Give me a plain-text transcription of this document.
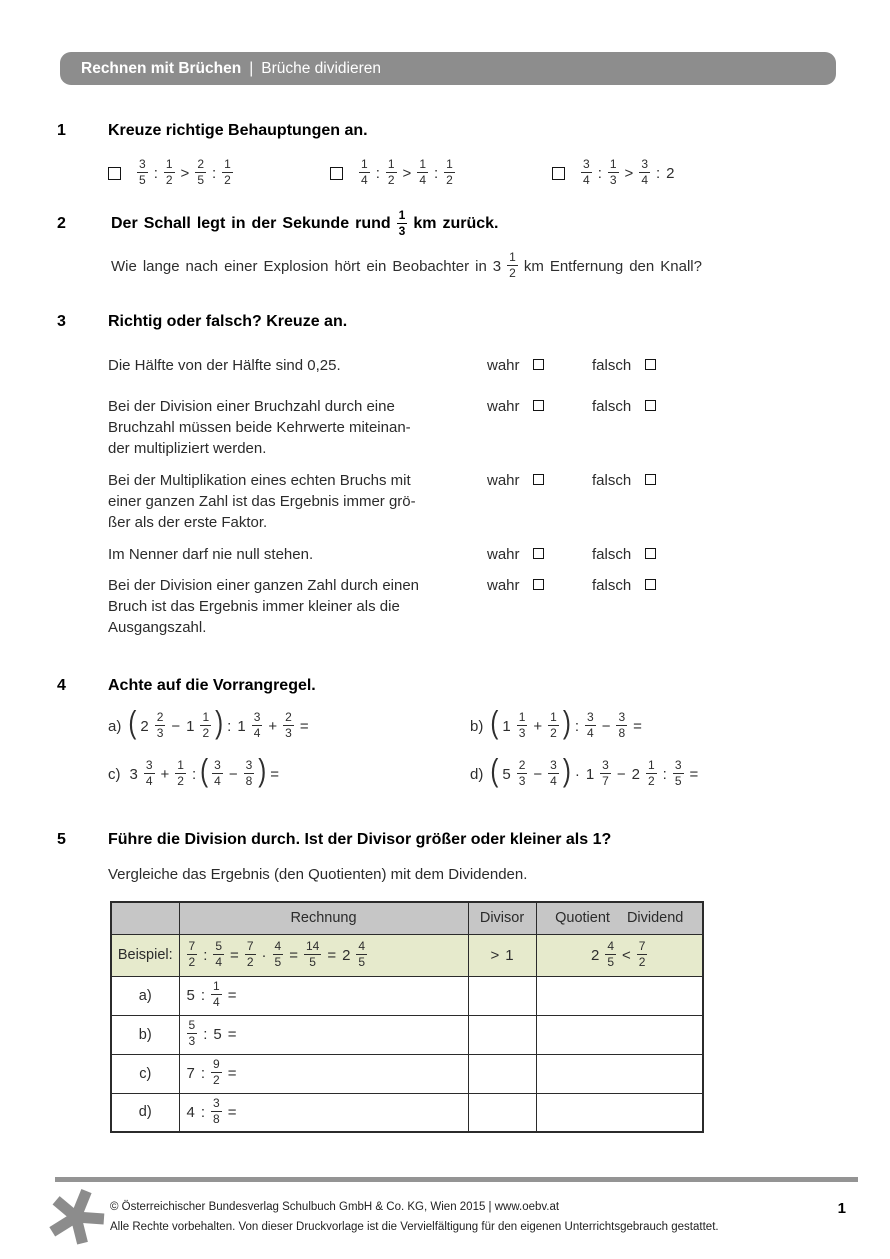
Rechnen mit Brüchen | Brüche dividieren
1	Kreuze richtige Behauptungen an.
$\frac{3}{5}$ : $\frac{1}{2} > \frac{2}{5}$ : $\frac{1}{2}$	$\frac{1}{4}$ : $\frac{1}{2} > \frac{1}{4}$ : $\frac{1}{2}$	$\frac{3}{4}$ : $\frac{1}{3} > \frac{3}{4}$ : 2
2	Der Schall legt in der Sekunde rund $\frac{1}{3}$ km zurück.
Wie lange nach einer Explosion hört ein Beobachter in $3 \frac{1}{2}$ km Entfernung den Knall?
3	Richtig oder falsch? Kreuze an.
Die Hälfte von der Hälfte sind 0,25.	wahr	falsch
Bei der Division einer Bruchzahl durch eine
Bruchzahl müssen beide Kehrwerte miteinan-
der multipliziert werden.
wahr	falsch
Bei der Multiplikation eines echten Bruchs mit
einer ganzen Zahl ist das Ergebnis immer grö-
ßer als der erste Faktor.
wahr	falsch
Im Nenner darf nie null stehen.	wahr	falsch
Bei der Division einer ganzen Zahl durch einen
Bruch ist das Ergebnis immer kleiner als die
Ausgangszahl.
wahr	falsch
4	Achte auf die Vorrangregel.
a) ( $2 \frac{2}{3} - 1 \frac{1}{2}$ ) : $1 \frac{3}{4} + \frac{2}{3}$ =	b) ( $1 \frac{1}{3} + \frac{1}{2}$ ) : $\frac{3}{4} - \frac{3}{8}$ =
c) $3 \frac{3}{4} + \frac{1}{2}$ : ( $\frac{3}{4} - \frac{3}{8}$ ) =	d) ( $5 \frac{2}{3} - \frac{3}{4}$ ) · $1 \frac{3}{7} - 2 \frac{1}{2}$ : $\frac{3}{5}$ =
5	Führe die Division durch. Ist der Divisor größer oder kleiner als 1?
Vergleiche das Ergebnis (den Quotienten) mit dem Dividenden.
	Rechnung	Divisor	Quotient Dividend

Beispiel:	$\frac{7}{2}$ : $\frac{5}{4} = \frac{7}{2} \cdot \frac{4}{5} = \frac{14}{5} = 2 \frac{4}{5}$	> 1	$2 \frac{4}{5} < \frac{7}{2}$

a)	5 : $\frac{1}{4}$ =		
b)	$\frac{5}{3}$ : 5 =		
c)	7 : $\frac{9}{2}$ =		
d)	4 : $\frac{3}{8}$ =		
© Österreichischer Bundesverlag Schulbuch GmbH & Co. KG, Wien 2015 | www.oebv.at
Alle Rechte vorbehalten. Von dieser Druckvorlage ist die Vervielfältigung für den eigenen Unterrichtsgebrauch gestattet.
1
